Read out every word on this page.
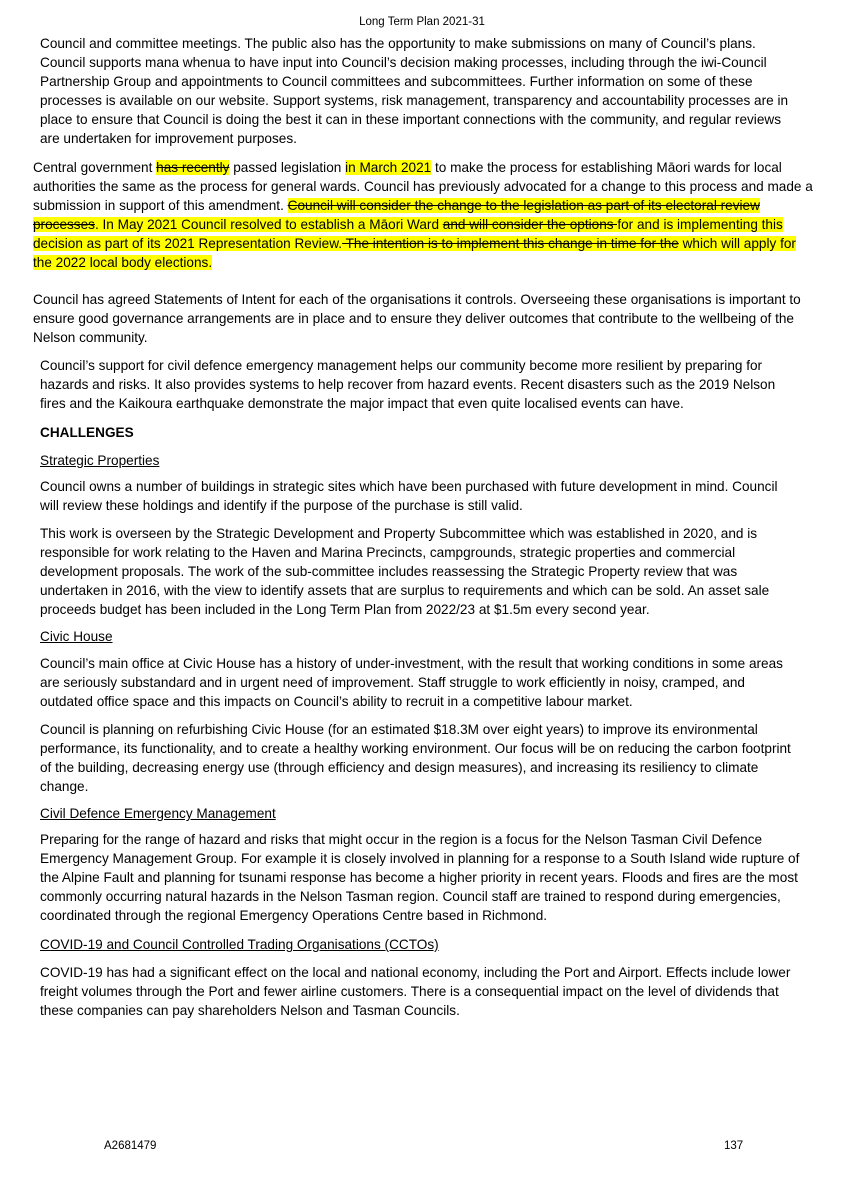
Long Term Plan 2021-31

Council and committee meetings. The public also has the opportunity to make submissions on many of Council’s plans. Council supports mana whenua to have input into Council’s decision making processes, including through the iwi-Council Partnership Group and appointments to Council committees and subcommittees. Further information on some of these processes is available on our website. Support systems, risk management, transparency and accountability processes are in place to ensure that Council is doing the best it can in these important connections with the community, and regular reviews are undertaken for improvement purposes.

Central government has recently passed legislation in March 2021 to make the process for establishing Māori wards for local authorities the same as the process for general wards. Council has previously advocated for a change to this process and made a submission in support of this amendment. Council will consider the change to the legislation as part of its electoral review processes. In May 2021 Council resolved to establish a Māori Ward and will consider the options for and is implementing this decision as part of its 2021 Representation Review. The intention is to implement this change in time for the which will apply for the 2022 local body elections.

Council has agreed Statements of Intent for each of the organisations it controls. Overseeing these organisations is important to ensure good governance arrangements are in place and to ensure they deliver outcomes that contribute to the wellbeing of the Nelson community.

Council’s support for civil defence emergency management helps our community become more resilient by preparing for hazards and risks. It also provides systems to help recover from hazard events. Recent disasters such as the 2019 Nelson fires and the Kaikoura earthquake demonstrate the major impact that even quite localised events can have.

CHALLENGES

Strategic Properties

Council owns a number of buildings in strategic sites which have been purchased with future development in mind. Council will review these holdings and identify if the purpose of the purchase is still valid.

This work is overseen by the Strategic Development and Property Subcommittee which was established in 2020, and is responsible for work relating to the Haven and Marina Precincts, campgrounds, strategic properties and commercial development proposals. The work of the sub-committee includes reassessing the Strategic Property review that was undertaken in 2016, with the view to identify assets that are surplus to requirements and which can be sold. An asset sale proceeds budget has been included in the Long Term Plan from 2022/23 at $1.5m every second year.

Civic House

Council’s main office at Civic House has a history of under-investment, with the result that working conditions in some areas are seriously substandard and in urgent need of improvement. Staff struggle to work efficiently in noisy, cramped, and outdated office space and this impacts on Council’s ability to recruit in a competitive labour market.

Council is planning on refurbishing Civic House (for an estimated $18.3M over eight years) to improve its environmental performance, its functionality, and to create a healthy working environment. Our focus will be on reducing the carbon footprint of the building, decreasing energy use (through efficiency and design measures), and increasing its resiliency to climate change.

Civil Defence Emergency Management

Preparing for the range of hazard and risks that might occur in the region is a focus for the Nelson Tasman Civil Defence Emergency Management Group. For example it is closely involved in planning for a response to a South Island wide rupture of the Alpine Fault and planning for tsunami response has become a higher priority in recent years. Floods and fires are the most commonly occurring natural hazards in the Nelson Tasman region. Council staff are trained to respond during emergencies, coordinated through the regional Emergency Operations Centre based in Richmond.

COVID-19 and Council Controlled Trading Organisations (CCTOs)

COVID-19 has had a significant effect on the local and national economy, including the Port and Airport. Effects include lower freight volumes through the Port and fewer airline customers. There is a consequential impact on the level of dividends that these companies can pay shareholders Nelson and Tasman Councils.

A2681479	137
